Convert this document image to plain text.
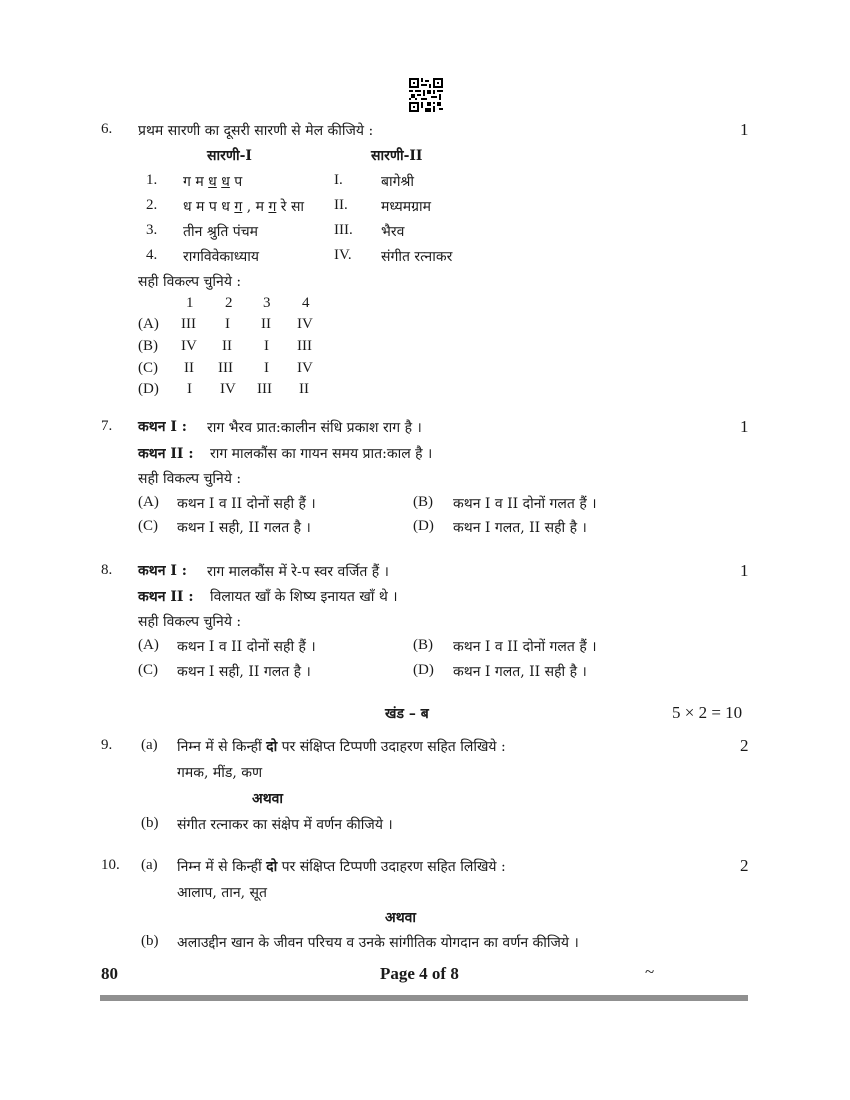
6. प्रथम सारणी का दूसरी सारणी से मेल कीजिये :	1
सारणी-I	सारणी-II
1. ग म ध ध प	I.	बागेश्री
2. ध म प ध ग , म ग रे सा II. मध्यमग्राम
3. तीन श्रुति पंचम	III. भैरव
4. रागविवेकाध्याय	IV. संगीत रत्नाकर
सही विकल्प चुनिये :
1 2 3 4
(A) III I II IV
(B) IV II I III
(C) II III I IV
(D) I IV III II
7. कथन I : राग भैरव प्रात:कालीन संधि प्रकाश राग है ।	1
कथन II : राग मालकौंस का गायन समय प्रात:काल है ।
सही विकल्प चुनिये :
(A) कथन I व II दोनों सही हैं ।	(B) कथन I व II दोनों गलत हैं ।
(C) कथन I सही, II गलत है ।	(D) कथन I गलत, II सही है ।
8. कथन I : राग मालकौंस में रे-प स्वर वर्जित हैं ।	1
कथन II : विलायत खाँ के शिष्य इनायत खाँ थे ।
सही विकल्प चुनिये :
(A) कथन I व II दोनों सही हैं ।	(B) कथन I व II दोनों गलत हैं ।
(C) कथन I सही, II गलत है ।	(D) कथन I गलत, II सही है ।
खंड – ब	5 × 2 = 10
9. (a) निम्न में से किन्हीं दो पर संक्षिप्त टिप्पणी उदाहरण सहित लिखिये :	2
गमक, मींड, कण
अथवा
(b) संगीत रत्नाकर का संक्षेप में वर्णन कीजिये ।
10. (a) निम्न में से किन्हीं दो पर संक्षिप्त टिप्पणी उदाहरण सहित लिखिये :	2
आलाप, तान, सूत
अथवा
(b) अलाउद्दीन खान के जीवन परिचय व उनके सांगीतिक योगदान का वर्णन कीजिये ।
80	Page 4 of 8	~
